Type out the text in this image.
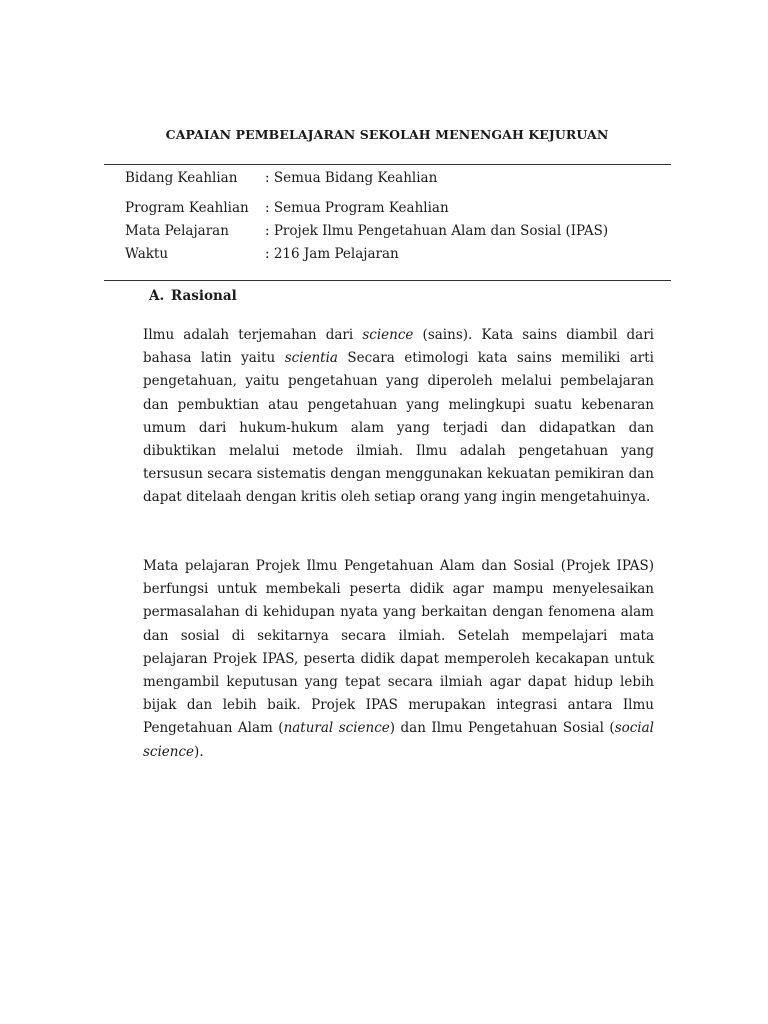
CAPAIAN PEMBELAJARAN SEKOLAH MENENGAH KEJURUAN
Bidang Keahlian : Semua Bidang Keahlian
Program Keahlian : Semua Program Keahlian
Mata Pelajaran	: Projek Ilmu Pengetahuan Alam dan Sosial (IPAS)
Waktu	: 216 Jam Pelajaran
A. Rasional

Ilmu adalah terjemahan dari science (sains). Kata sains diambil dari bahasa latin yaitu scientia Secara etimologi kata sains memiliki arti pengetahuan, yaitu pengetahuan yang diperoleh melalui pembelajaran dan pembuktian atau pengetahuan yang melingkupi suatu kebenaran umum dari hukum-hukum alam yang terjadi dan didapatkan dan dibuktikan melalui metode ilmiah. Ilmu adalah pengetahuan yang tersusun secara sistematis dengan menggunakan kekuatan pemikiran dan dapat ditelaah dengan kritis oleh setiap orang yang ingin mengetahuinya.

Mata pelajaran Projek Ilmu Pengetahuan Alam dan Sosial (Projek IPAS) berfungsi untuk membekali peserta didik agar mampu menyelesaikan permasalahan di kehidupan nyata yang berkaitan dengan fenomena alam dan sosial di sekitarnya secara ilmiah. Setelah mempelajari mata pelajaran Projek IPAS, peserta didik dapat memperoleh kecakapan untuk mengambil keputusan yang tepat secara ilmiah agar dapat hidup lebih bijak dan lebih baik. Projek IPAS merupakan integrasi antara Ilmu Pengetahuan Alam (natural science) dan Ilmu Pengetahuan Sosial (social science).
